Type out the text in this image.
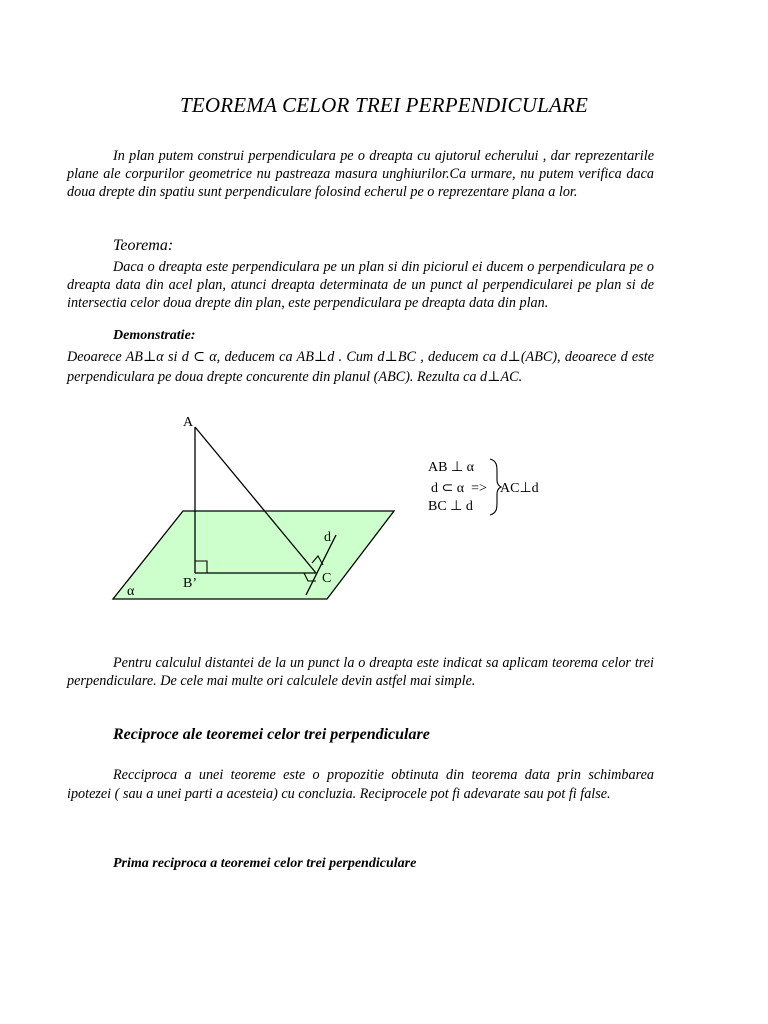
TEOREMA CELOR TREI PERPENDICULARE
In plan putem construi perpendiculara pe o dreapta cu ajutorul echerului , dar reprezentarile plane ale corpurilor geometrice nu pastreaza masura unghiurilor.Ca urmare, nu putem verifica daca doua drepte din spatiu sunt perpendiculare folosind echerul pe o reprezentare plana a lor.
Teorema:
Daca o dreapta este perpendiculara pe un plan si din piciorul ei ducem o perpendiculara pe o dreapta data din acel plan, atunci dreapta determinata de un punct al perpendicularei pe plan si de intersectia celor doua drepte din plan, este perpendiculara pe dreapta data din plan.
Demonstratie:
Deoarece AB⊥α si d ⊂ α, deducem ca AB⊥d . Cum d⊥BC , deducem ca d⊥(ABC), deoarece d este perpendiculara pe doua drepte concurente din planul (ABC). Rezulta ca d⊥AC.
A
B’	C
d
α
AB ⊥ α
d ⊂ α  =>
BC ⊥ d
AC⊥d
Pentru calculul distantei de la un punct la o dreapta este indicat sa aplicam teorema celor trei perpendiculare. De cele mai multe ori calculele devin astfel mai simple.
Reciproce ale teoremei celor trei perpendiculare
Recciproca a unei teoreme este o propozitie obtinuta din teorema data prin schimbarea ipotezei ( sau a unei parti a acesteia) cu concluzia. Reciprocele pot fi adevarate sau pot fi false.
Prima reciproca a teoremei celor trei perpendiculare
